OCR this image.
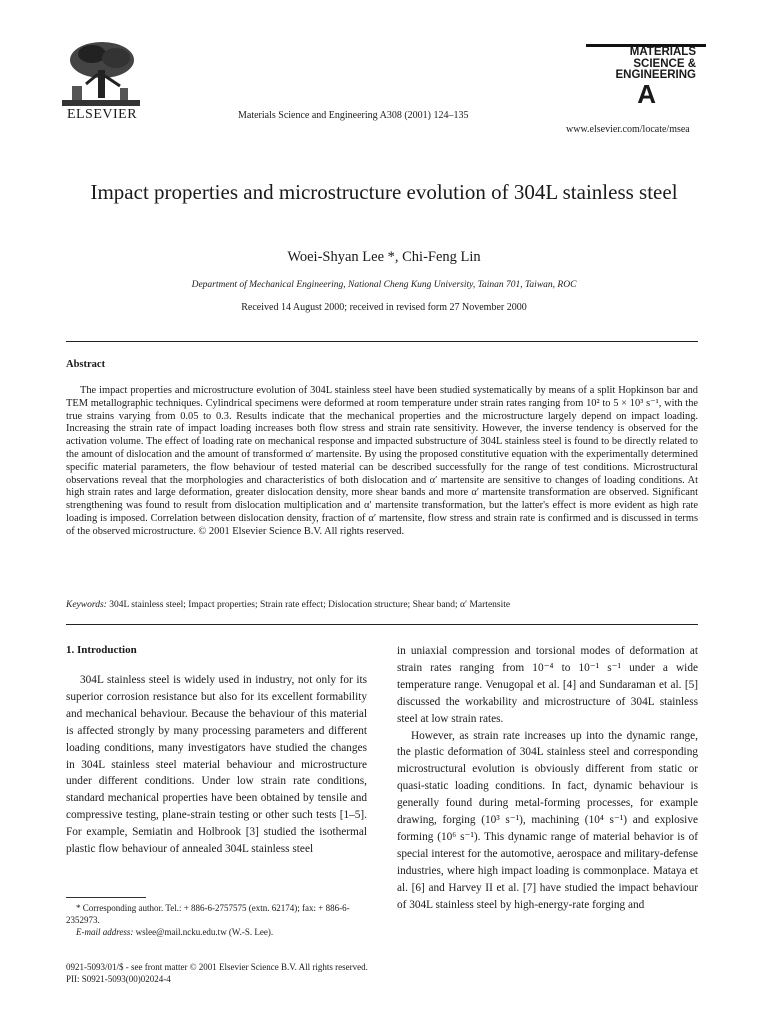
ELSEVIER	Materials Science and Engineering A308 (2001) 124–135
MATERIALS
SCIENCE &
ENGINEERING
A
www.elsevier.com/locate/msea
Impact properties and microstructure evolution of 304L stainless steel
Woei-Shyan Lee *, Chi-Feng Lin
Department of Mechanical Engineering, National Cheng Kung University, Tainan 701, Taiwan, ROC
Received 14 August 2000; received in revised form 27 November 2000
Abstract
The impact properties and microstructure evolution of 304L stainless steel have been studied systematically by means of a split Hopkinson bar and TEM metallographic techniques. Cylindrical specimens were deformed at room temperature under strain rates ranging from 10² to 5 × 10³ s⁻¹, with the true strains varying from 0.05 to 0.3. Results indicate that the mechanical properties and the microstructure largely depend on impact loading. Increasing the strain rate of impact loading increases both flow stress and strain rate sensitivity. However, the inverse tendency is observed for the activation volume. The effect of loading rate on mechanical response and impacted substructure of 304L stainless steel is found to be directly related to the amount of dislocation and the amount of transformed α′ martensite. By using the proposed constitutive equation with the experimentally determined specific material parameters, the flow behaviour of tested material can be described successfully for the range of test conditions. Microstructural observations reveal that the morphologies and characteristics of both dislocation and α′ martensite are sensitive to changes of loading conditions. At high strain rates and large deformation, greater dislocation density, more shear bands and more α′ martensite transformation are observed. Significant strengthening was found to result from dislocation multiplication and α′ martensite transformation, but the latter's effect is more evident as high rate loading is imposed. Correlation between dislocation density, fraction of α′ martensite, flow stress and strain rate is confirmed and is discussed in terms of the observed microstructure. © 2001 Elsevier Science B.V. All rights reserved.
Keywords: 304L stainless steel; Impact properties; Strain rate effect; Dislocation structure; Shear band; α′ Martensite
1. Introduction

304L stainless steel is widely used in industry, not only for its superior corrosion resistance but also for its excellent formability and mechanical behaviour. Because the behaviour of this material is affected strongly by many processing parameters and different loading conditions, many investigators have studied the changes in 304L stainless steel material behaviour and microstructure under different conditions. Under low strain rate conditions, standard mechanical properties have been obtained by tensile and compressive testing, plane-strain testing or other such tests [1–5]. For example, Semiatin and Holbrook [3] studied the isothermal plastic flow behaviour of annealed 304L stainless steel

in uniaxial compression and torsional modes of deformation at strain rates ranging from 10⁻⁴ to 10⁻¹ s⁻¹ under a wide temperature range. Venugopal et al. [4] and Sundaraman et al. [5] discussed the workability and microstructure of 304L stainless steel at low strain rates.

However, as strain rate increases up into the dynamic range, the plastic deformation of 304L stainless steel and corresponding microstructural evolution is obviously different from static or quasi-static loading conditions. In fact, dynamic behaviour is generally found during metal-forming processes, for example drawing, forging (10³ s⁻¹), machining (10⁴ s⁻¹) and explosive forming (10⁶ s⁻¹). This dynamic range of material behavior is of special interest for the automotive, aerospace and military-defense industries, where high impact loading is commonplace. Mataya et al. [6] and Harvey II et al. [7] have studied the impact behaviour of 304L stainless steel by high-energy-rate forging and

* Corresponding author. Tel.: + 886-6-2757575 (extn. 62174); fax: + 886-6-2352973.
E-mail address: wslee@mail.ncku.edu.tw (W.-S. Lee).
0921-5093/01/$ - see front matter © 2001 Elsevier Science B.V. All rights reserved.
PII: S0921-5093(00)02024-4
